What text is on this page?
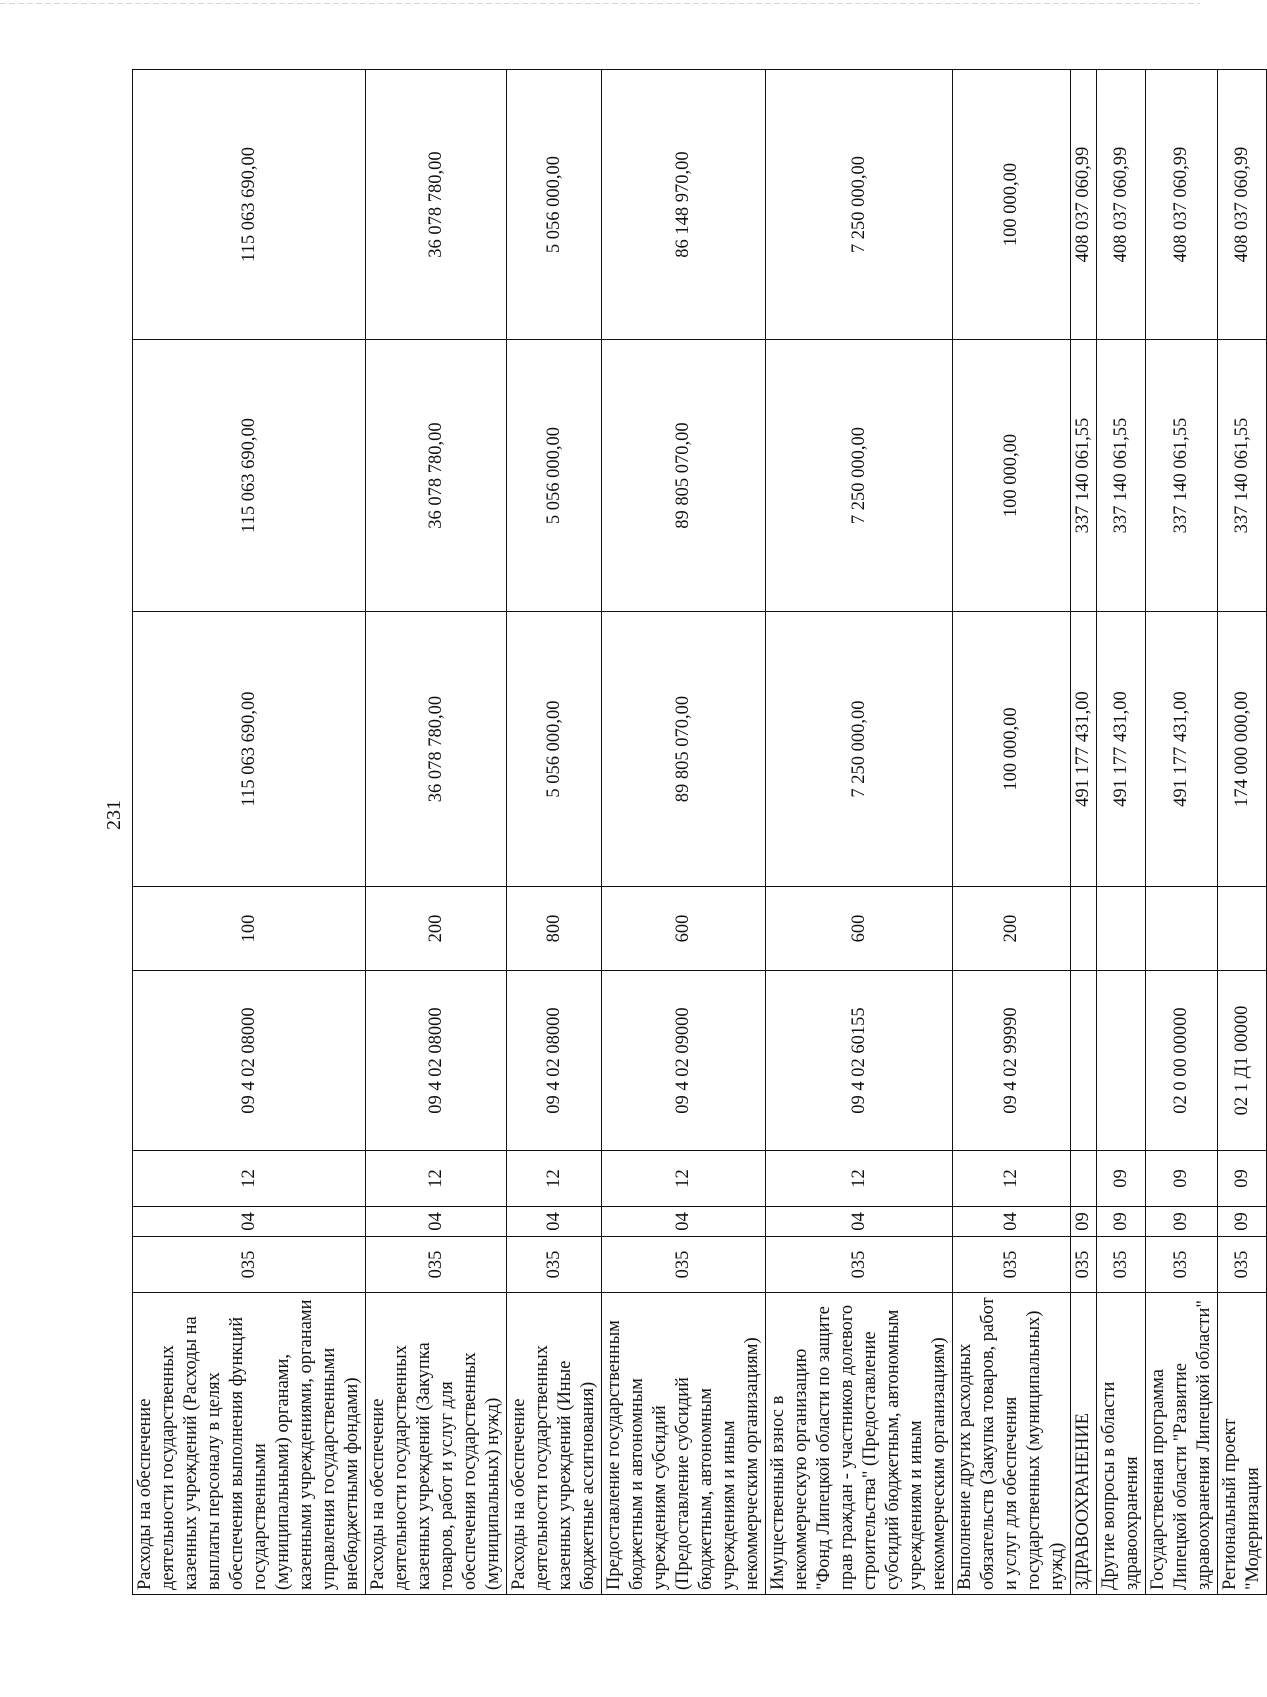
231
Расходы на обеспечение деятельности государственных казенных учреждений (Расходы на выплаты персоналу в целях обеспечения выполнения функций государственными (муниципальными) органами, казенными учреждениями, органами управления государственными внебюджетными фондами)	035	04	12	09 4 02 08000	100	115 063 690,00	115 063 690,00	115 063 690,00
Расходы на обеспечение деятельности государственных казенных учреждений (Закупка товаров, работ и услуг для обеспечения государственных (муниципальных) нужд)	035	04	12	09 4 02 08000	200	36 078 780,00	36 078 780,00	36 078 780,00
Расходы на обеспечение деятельности государственных казенных учреждений (Иные бюджетные ассигнования)	035	04	12	09 4 02 08000	800	5 056 000,00	5 056 000,00	5 056 000,00
Предоставление государственным бюджетным и автономным учреждениям субсидий (Предоставление субсидий бюджетным, автономным учреждениям и иным некоммерческим организациям)	035	04	12	09 4 02 09000	600	89 805 070,00	89 805 070,00	86 148 970,00
Имущественный взнос в некоммерческую организацию "Фонд Липецкой области по защите прав граждан - участников долевого строительства" (Предоставление субсидий бюджетным, автономным учреждениям и иным некоммерческим организациям)	035	04	12	09 4 02 60155	600	7 250 000,00	7 250 000,00	7 250 000,00
Выполнение других расходных обязательств (Закупка товаров, работ и услуг для обеспечения государственных (муниципальных) нужд)	035	04	12	09 4 02 99990	200	100 000,00	100 000,00	100 000,00
ЗДРАВООХРАНЕНИЕ	035	09				491 177 431,00	337 140 061,55	408 037 060,99
Другие вопросы в области здравоохранения	035	09	09			491 177 431,00	337 140 061,55	408 037 060,99
Государственная программа Липецкой области "Развитие здравоохранения Липецкой области"	035	09	09	02 0 00 00000		491 177 431,00	337 140 061,55	408 037 060,99
Региональный проект "Модернизация	035	09	09	02 1 Д1 00000		174 000 000,00	337 140 061,55	408 037 060,99
